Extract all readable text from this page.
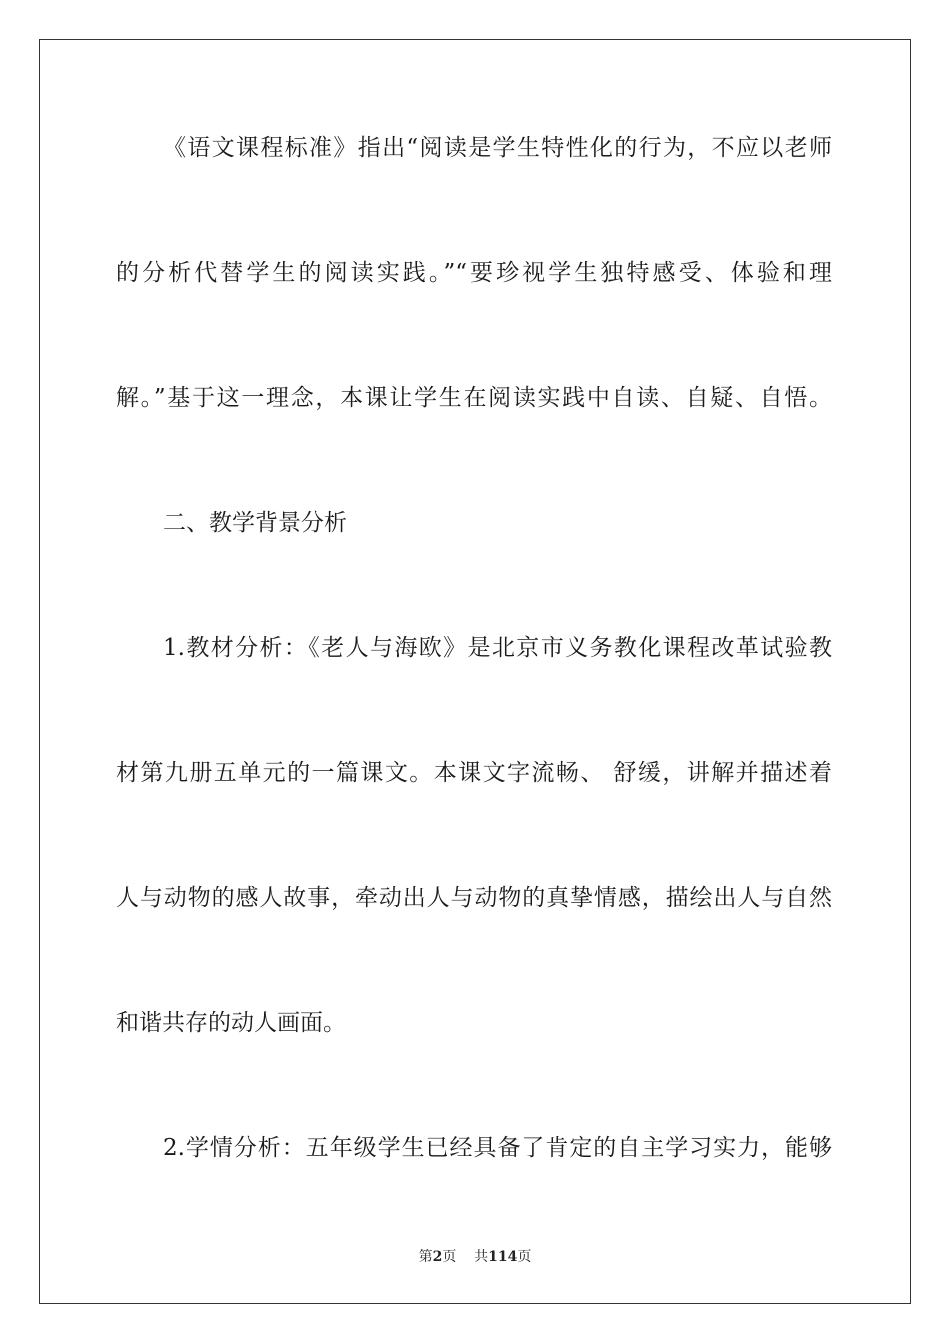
《语文课程标准》指出“阅读是学生特性化的行为，不应以老师
的分析代替学生的阅读实践。”“要珍视学生独特感受、体验和理
解。”基于这一理念，本课让学生在阅读实践中自读、自疑、自悟。
二、教学背景分析
1.教材分析：《老人与海欧》是北京市义务教化课程改革试验教
材第九册五单元的一篇课文。本课文字流畅、 舒缓，讲解并描述着
人与动物的感人故事，牵动出人与动物的真挚情感，描绘出人与自然
和谐共存的动人画面。
2.学情分析：五年级学生已经具备了肯定的自主学习实力，能够
第2页 共114页
